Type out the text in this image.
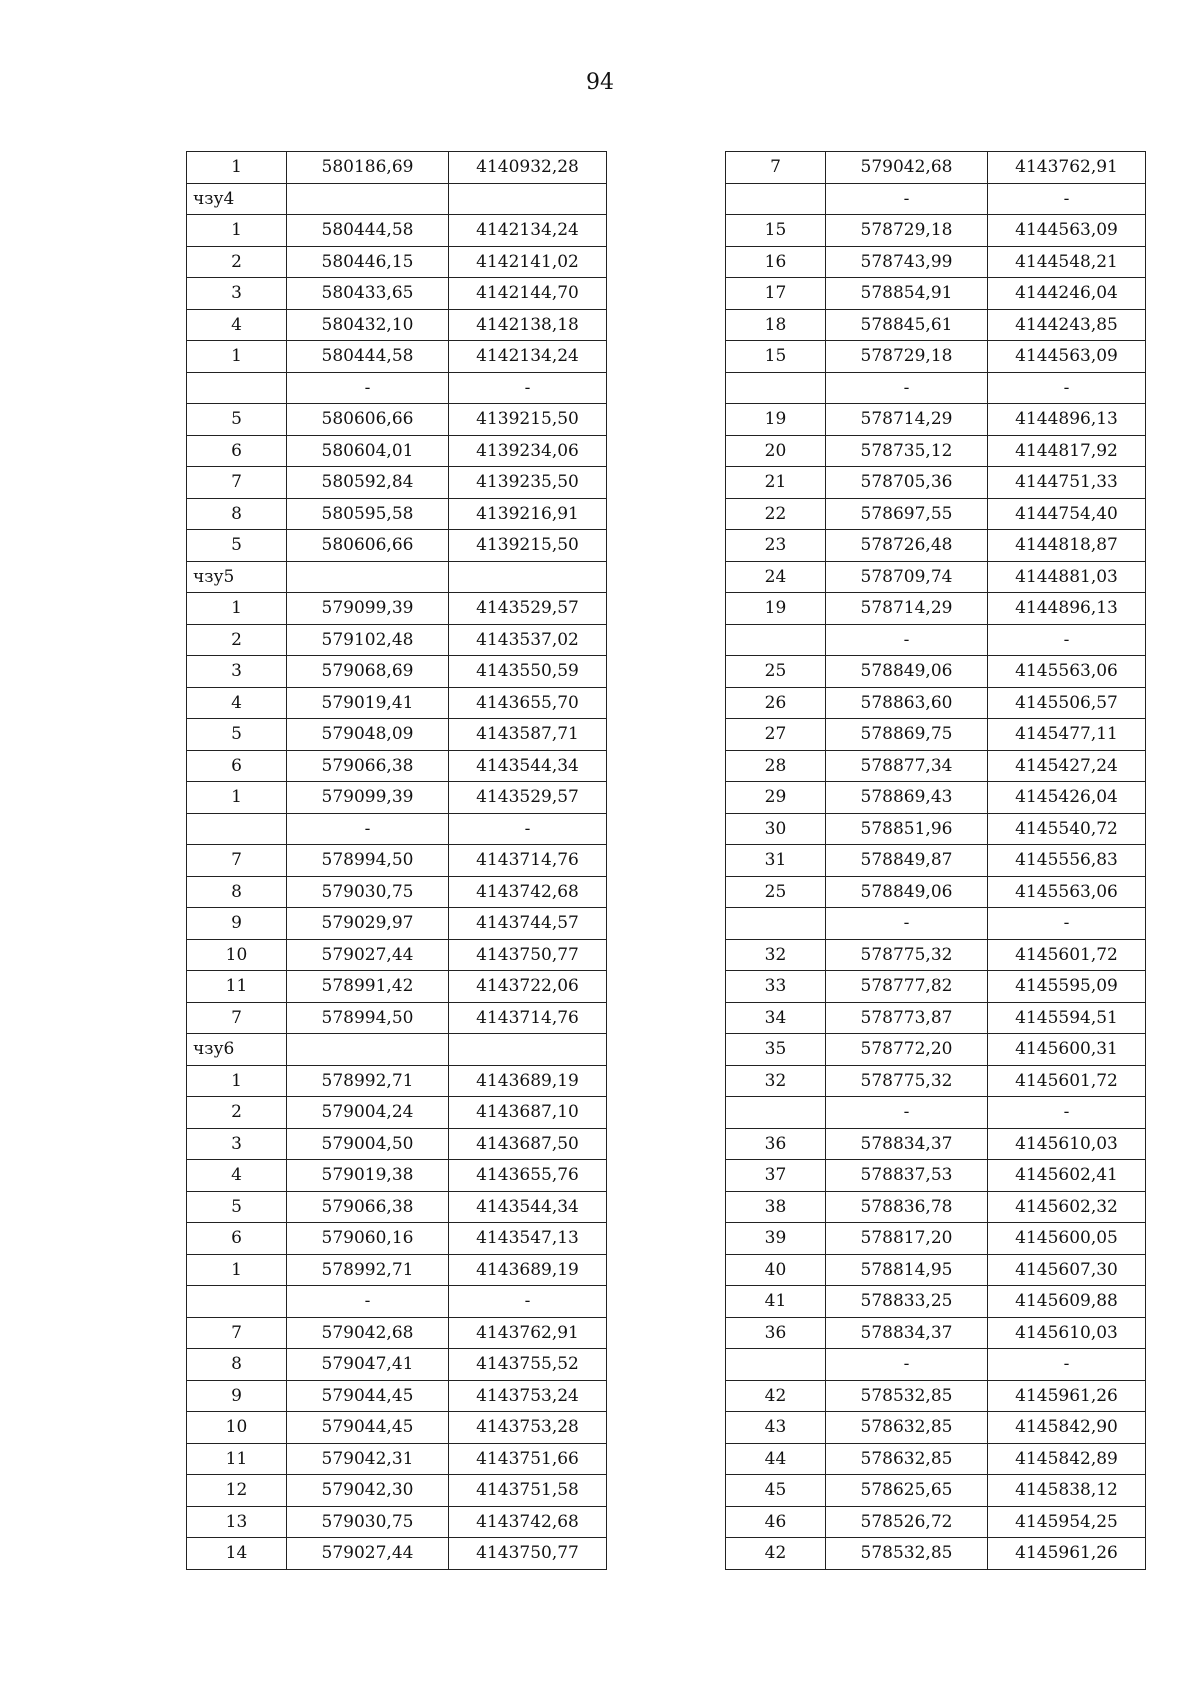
94
1	580186,69	4140932,28
чзу4		
1	580444,58	4142134,24
2	580446,15	4142141,02
3	580433,65	4142144,70
4	580432,10	4142138,18
1	580444,58	4142134,24
	-	-
5	580606,66	4139215,50
6	580604,01	4139234,06
7	580592,84	4139235,50
8	580595,58	4139216,91
5	580606,66	4139215,50
чзу5		
1	579099,39	4143529,57
2	579102,48	4143537,02
3	579068,69	4143550,59
4	579019,41	4143655,70
5	579048,09	4143587,71
6	579066,38	4143544,34
1	579099,39	4143529,57
	-	-
7	578994,50	4143714,76
8	579030,75	4143742,68
9	579029,97	4143744,57
10	579027,44	4143750,77
11	578991,42	4143722,06
7	578994,50	4143714,76
чзу6		
1	578992,71	4143689,19
2	579004,24	4143687,10
3	579004,50	4143687,50
4	579019,38	4143655,76
5	579066,38	4143544,34
6	579060,16	4143547,13
1	578992,71	4143689,19
	-	-
7	579042,68	4143762,91
8	579047,41	4143755,52
9	579044,45	4143753,24
10	579044,45	4143753,28
11	579042,31	4143751,66
12	579042,30	4143751,58
13	579030,75	4143742,68
14	579027,44	4143750,77
7	579042,68	4143762,91
	-	-
15	578729,18	4144563,09
16	578743,99	4144548,21
17	578854,91	4144246,04
18	578845,61	4144243,85
15	578729,18	4144563,09
	-	-
19	578714,29	4144896,13
20	578735,12	4144817,92
21	578705,36	4144751,33
22	578697,55	4144754,40
23	578726,48	4144818,87
24	578709,74	4144881,03
19	578714,29	4144896,13
	-	-
25	578849,06	4145563,06
26	578863,60	4145506,57
27	578869,75	4145477,11
28	578877,34	4145427,24
29	578869,43	4145426,04
30	578851,96	4145540,72
31	578849,87	4145556,83
25	578849,06	4145563,06
	-	-
32	578775,32	4145601,72
33	578777,82	4145595,09
34	578773,87	4145594,51
35	578772,20	4145600,31
32	578775,32	4145601,72
	-	-
36	578834,37	4145610,03
37	578837,53	4145602,41
38	578836,78	4145602,32
39	578817,20	4145600,05
40	578814,95	4145607,30
41	578833,25	4145609,88
36	578834,37	4145610,03
	-	-
42	578532,85	4145961,26
43	578632,85	4145842,90
44	578632,85	4145842,89
45	578625,65	4145838,12
46	578526,72	4145954,25
42	578532,85	4145961,26
